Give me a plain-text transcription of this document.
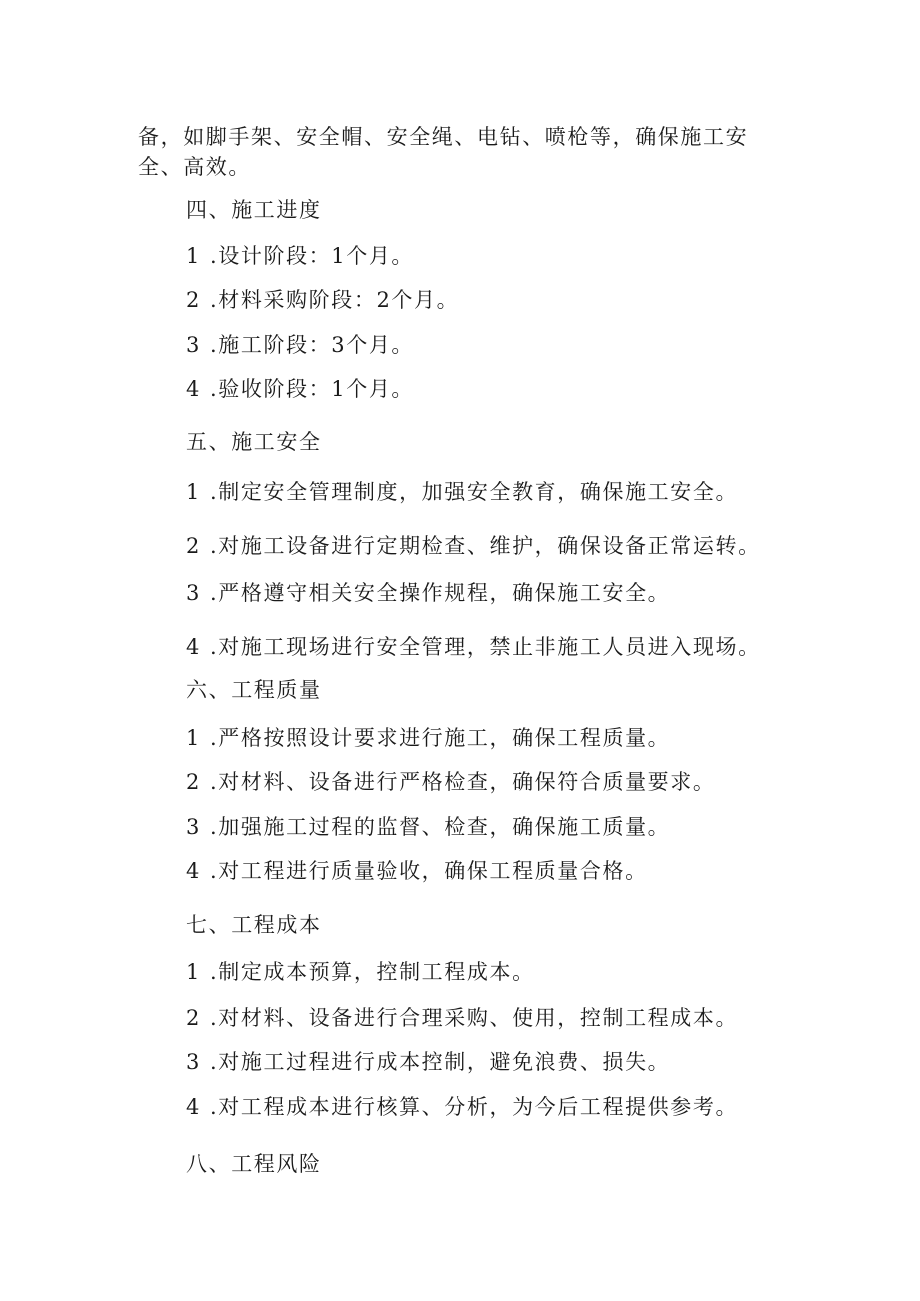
备，如脚手架、安全帽、安全绳、电钻、喷枪等，确保施工安
全、高效。
四、施工进度
1 .设计阶段：1个月。
2 .材料采购阶段：2个月。
3 .施工阶段：3个月。
4 .验收阶段：1个月。
五、施工安全
1 .制定安全管理制度，加强安全教育，确保施工安全。
2 .对施工设备进行定期检查、维护，确保设备正常运转。
3 .严格遵守相关安全操作规程，确保施工安全。
4 .对施工现场进行安全管理，禁止非施工人员进入现场。
六、工程质量
1 .严格按照设计要求进行施工，确保工程质量。
2 .对材料、设备进行严格检查，确保符合质量要求。
3 .加强施工过程的监督、检查，确保施工质量。
4 .对工程进行质量验收，确保工程质量合格。
七、工程成本
1 .制定成本预算，控制工程成本。
2 .对材料、设备进行合理采购、使用，控制工程成本。
3 .对施工过程进行成本控制，避免浪费、损失。
4 .对工程成本进行核算、分析，为今后工程提供参考。
八、工程风险
